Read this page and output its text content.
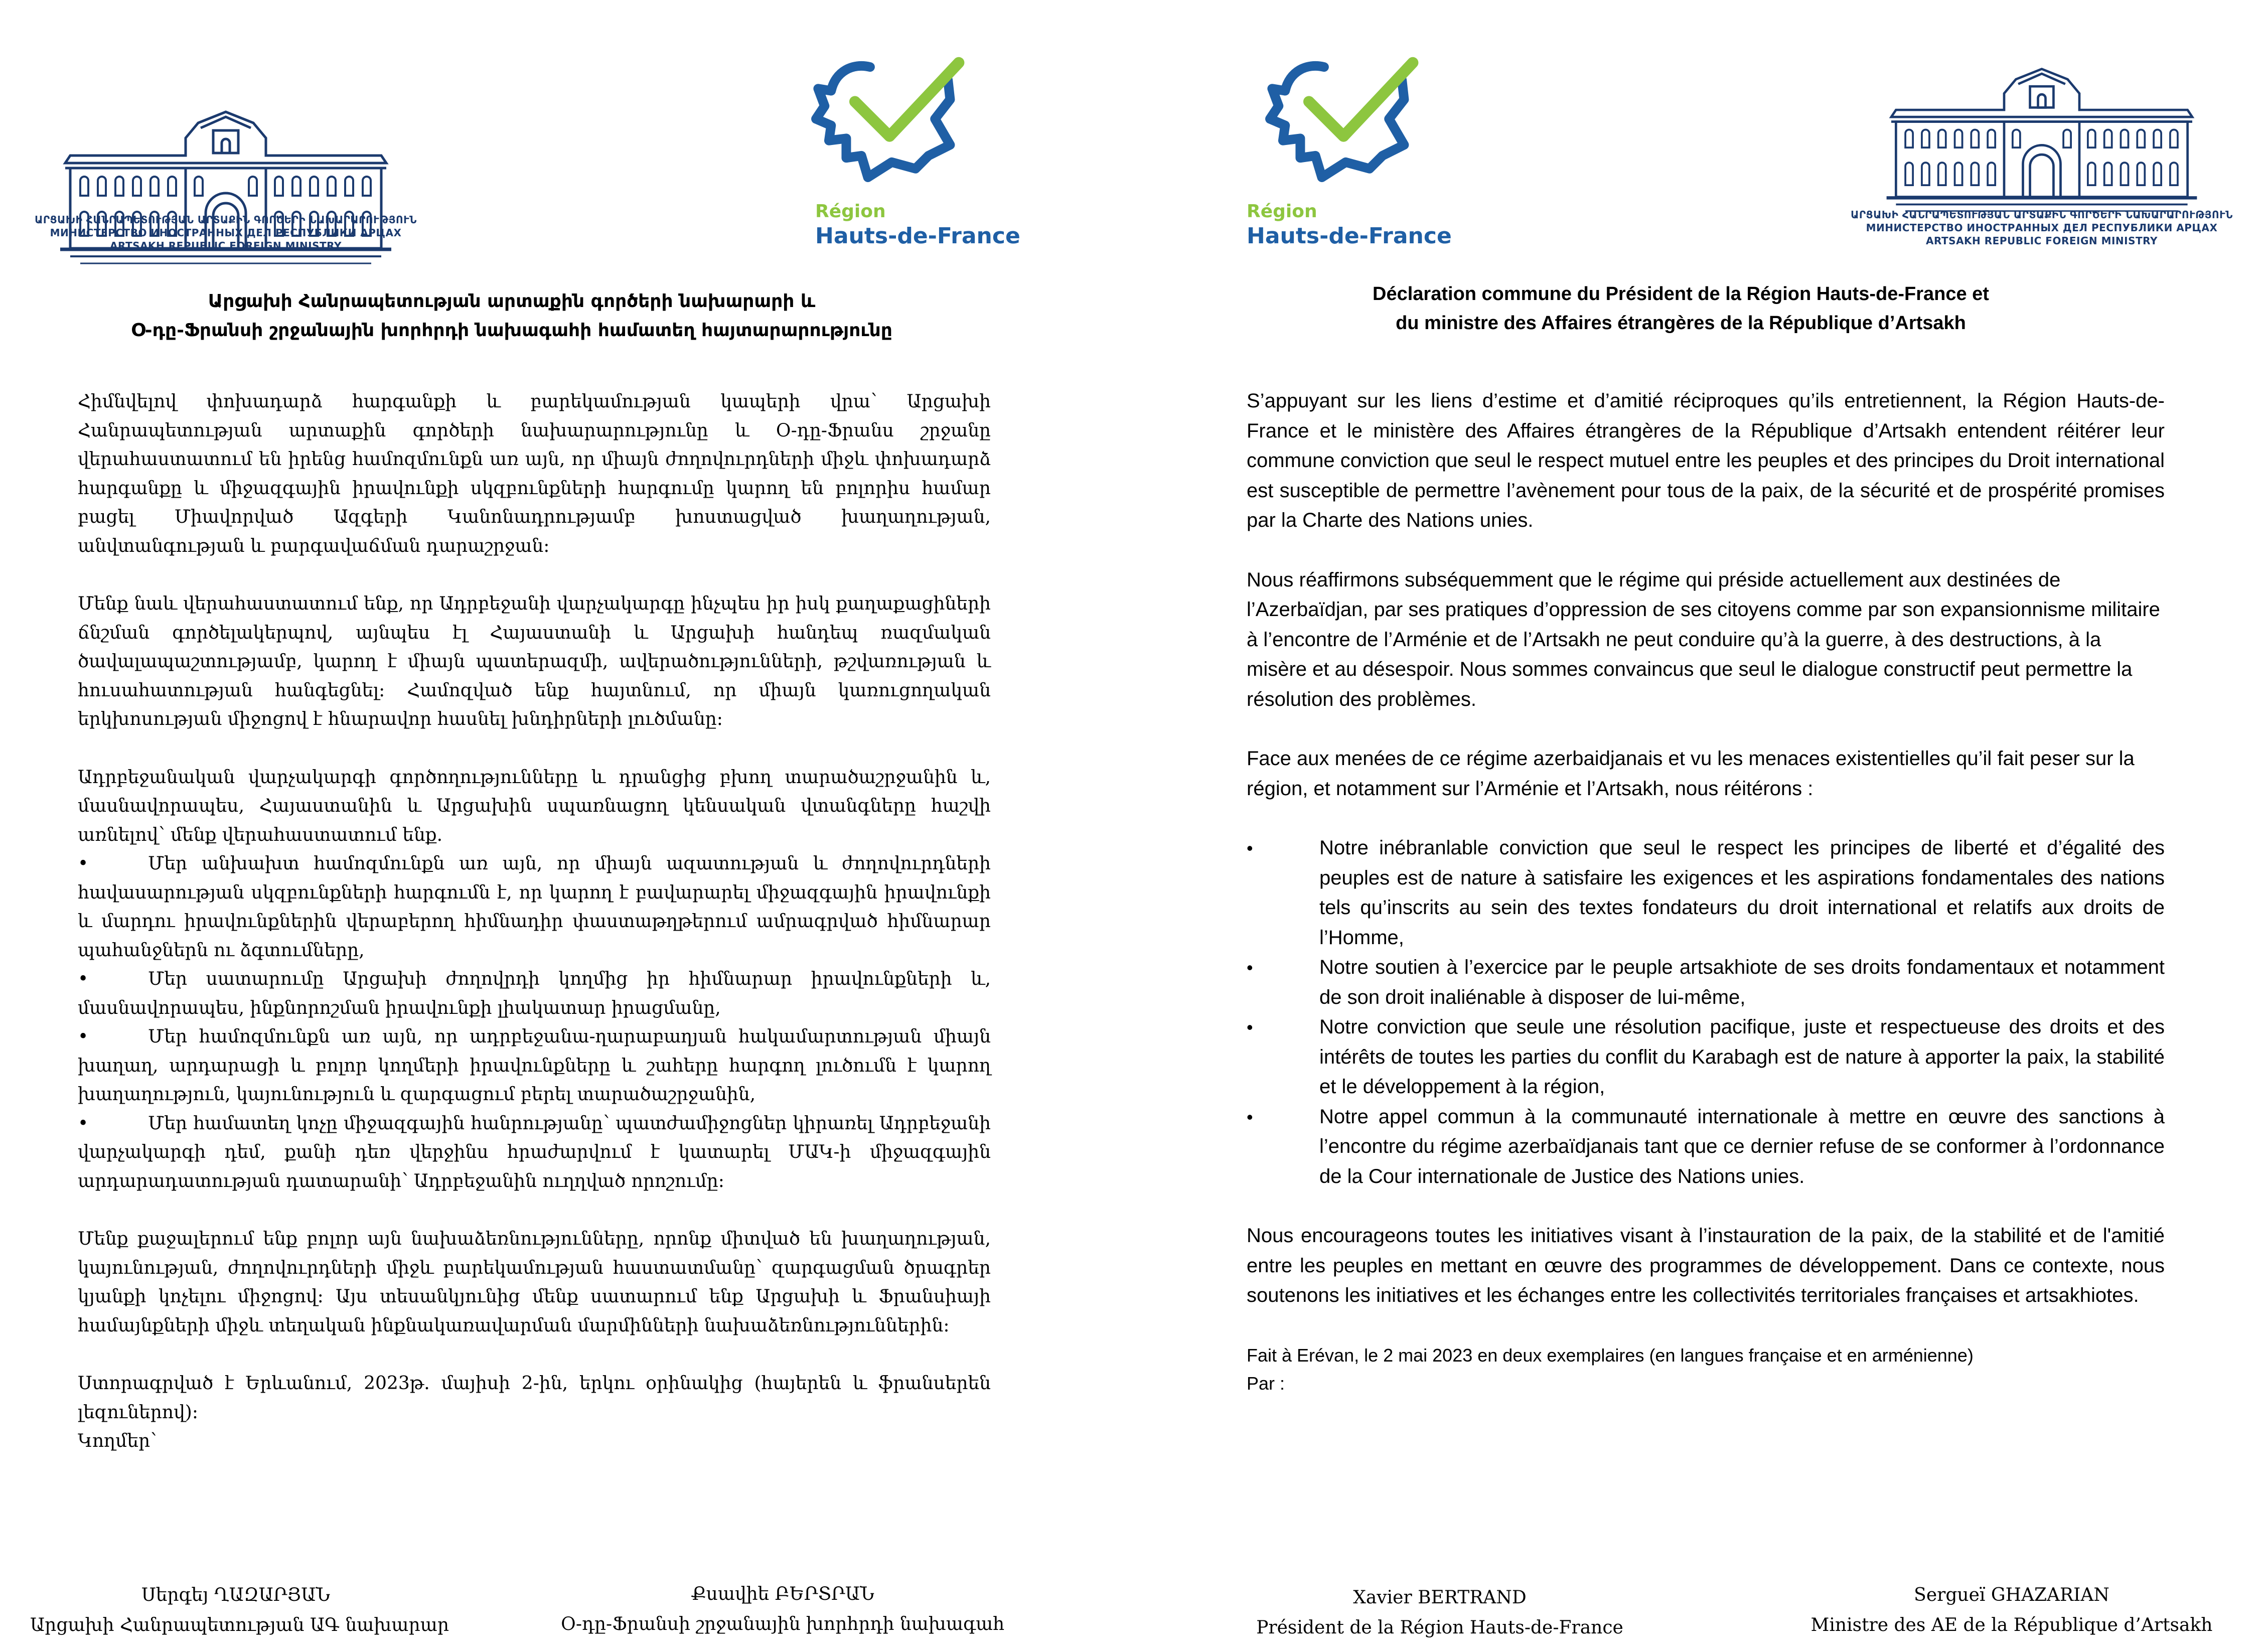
ԱՐՑԱԽԻ ՀԱՆՐԱՊԵՏՈՒԹՅԱՆ ԱՐՏԱՔԻՆ ԳՈՐԾԵՐԻ ՆԱԽԱՐԱՐՈՒԹՅՈՒՆ
МИНИСТЕРСТВО ИНОСТРАННЫХ ДЕЛ РЕСПУБЛИКИ АРЦАХ
ARTSAKH REPUBLIC FOREIGN MINISTRY
Région
Hauts-de-France
Արցախի Հանրապետության արտաքին գործերի նախարարի և
Օ-դը-Ֆրանսի շրջանային խորհրդի նախագահի համատեղ հայտարարությունը

Հիմնվելով փոխադարձ հարգանքի և բարեկամության կապերի վրա՝ Արցախի Հանրապետության արտաքին գործերի նախարարությունը և Օ-դը-Ֆրանս շրջանը վերահաստատում են իրենց համոզմունքն առ այն, որ միայն ժողովուրդների միջև փոխադարձ հարգանքը և միջազգային իրավունքի սկզբունքների հարգումը կարող են բոլորիս համար բացել Միավորված Ազգերի Կանոնադրությամբ խոստացված խաղաղության, անվտանգության և բարգավաճման դարաշրջան:

Մենք նաև վերահաստատում ենք, որ Ադրբեջանի վարչակարգը ինչպես իր իսկ քաղաքացիների ճնշման գործելակերպով, այնպես էլ Հայաստանի և Արցախի հանդեպ ռազմական ծավալապաշտությամբ, կարող է միայն պատերազմի, ավերածությունների, թշվառության և հուսահատության հանգեցնել: Համոզված ենք հայտնում, որ միայն կառուցողական երկխոսության միջոցով է հնարավոր հասնել խնդիրների լուծմանը:

Ադրբեջանական վարչակարգի գործողությունները և դրանցից բխող տարածաշրջանին և, մասնավորապես, Հայաստանին և Արցախին սպառնացող կենսական վտանգները հաշվի առնելով՝ մենք վերահաստատում ենք.

•	Մեր անխախտ համոզմունքն առ այն, որ միայն ազատության և ժողովուրդների հավասարության սկզբունքների հարգումն է, որ կարող է բավարարել միջազգային իրավունքի և մարդու իրավունքներին վերաբերող հիմնադիր փաստաթղթերում ամրագրված հիմնարար պահանջներն ու ձգտումները,

•	Մեր սատարումը Արցախի ժողովրդի կողմից իր հիմնարար իրավունքների և, մասնավորապես, ինքնորոշման իրավունքի լիակատար իրացմանը,

•	Մեր համոզմունքն առ այն, որ ադրբեջանա-ղարաբաղյան հակամարտության միայն խաղաղ, արդարացի և բոլոր կողմերի իրավունքները և շահերը հարգող լուծումն է կարող խաղաղություն, կայունություն և զարգացում բերել տարածաշրջանին,

•	Մեր համատեղ կոչը միջազգային հանրությանը՝ պատժամիջոցներ կիրառել Ադրբեջանի վարչակարգի դեմ, քանի դեռ վերջինս հրաժարվում է կատարել ՄԱԿ-ի միջազգային արդարադատության դատարանի՝ Ադրբեջանին ուղղված որոշումը:

Մենք քաջալերում ենք բոլոր այն նախաձեռնությունները, որոնք միտված են խաղաղության, կայունության, ժողովուրդների միջև բարեկամության հաստատմանը՝ զարգացման ծրագրեր կյանքի կոչելու միջոցով: Այս տեսանկյունից մենք սատարում ենք Արցախի և Ֆրանսիայի համայնքների միջև տեղական ինքնակառավարման մարմինների նախաձեռնություններին:

Ստորագրված է Երևանում, 2023թ. մայիսի 2-ին, երկու օրինակից (հայերեն և ֆրանսերեն լեզուներով):

Կողմեր՝

Սերգեյ ՂԱԶԱՐՅԱՆ
Արցախի Հանրապետության ԱԳ նախարար
Քսավիե ԲԵՐՏՐԱՆ
Օ-դը-Ֆրանսի շրջանային խորհրդի նախագահ
Région
Hauts-de-France
ԱՐՑԱԽԻ ՀԱՆՐԱՊԵՏՈՒԹՅԱՆ ԱՐՏԱՔԻՆ ԳՈՐԾԵՐԻ ՆԱԽԱՐԱՐՈՒԹՅՈՒՆ
МИНИСТЕРСТВО ИНОСТРАННЫХ ДЕЛ РЕСПУБЛИКИ АРЦАХ
ARTSAKH REPUBLIC FOREIGN MINISTRY
Déclaration commune du Président de la Région Hauts-de-France et
du ministre des Affaires étrangères de la République d’Artsakh

S’appuyant sur les liens d’estime et d’amitié réciproques qu’ils entretiennent, la Région Hauts-de-France et le ministère des Affaires étrangères de la République d’Artsakh entendent réitérer leur commune conviction que seul le respect mutuel entre les peuples et des principes du Droit international est susceptible de permettre l’avènement pour tous de la paix, de la sécurité et de prospérité promises par la Charte des Nations unies.

Nous réaffirmons subséquemment que le régime qui préside actuellement aux destinées de l’Azerbaïdjan, par ses pratiques d’oppression de ses citoyens comme par son expansionnisme militaire à l’encontre de l’Arménie et de l’Artsakh ne peut conduire qu’à la guerre, à des destructions, à la misère et au désespoir. Nous sommes convaincus que seul le dialogue constructif peut permettre la résolution des problèmes.

Face aux menées de ce régime azerbaidjanais et vu les menaces existentielles qu’il fait peser sur la région, et notamment sur l’Arménie et l’Artsakh, nous réitérons :

•	Notre inébranlable conviction que seul le respect les principes de liberté et d’égalité des peuples est de nature à satisfaire les exigences et les aspirations fondamentales des nations tels qu’inscrits au sein des textes fondateurs du droit international et relatifs aux droits de l’Homme,

•	Notre soutien à l’exercice par le peuple artsakhiote de ses droits fondamentaux et notamment de son droit inaliénable à disposer de lui-même,

•	Notre conviction que seule une résolution pacifique, juste et respectueuse des droits et des intérêts de toutes les parties du conflit du Karabagh est de nature à apporter la paix, la stabilité et le développement à la région,

•	Notre appel commun à la communauté internationale à mettre en œuvre des sanctions à l’encontre du régime azerbaïdjanais tant que ce dernier refuse de se conformer à l’ordonnance de la Cour internationale de Justice des Nations unies.

Nous encourageons toutes les initiatives visant à l’instauration de la paix, de la stabilité et de l'amitié entre les peuples en mettant en œuvre des programmes de développement. Dans ce contexte, nous soutenons les initiatives et les échanges entre les collectivités territoriales françaises et artsakhiotes.

Fait à Erévan, le 2 mai 2023 en deux exemplaires (en langues française et en arménienne)

Par :

Xavier BERTRAND
Président de la Région Hauts-de-France
Sergueï GHAZARIAN
Ministre des AE de la République d’Artsakh
